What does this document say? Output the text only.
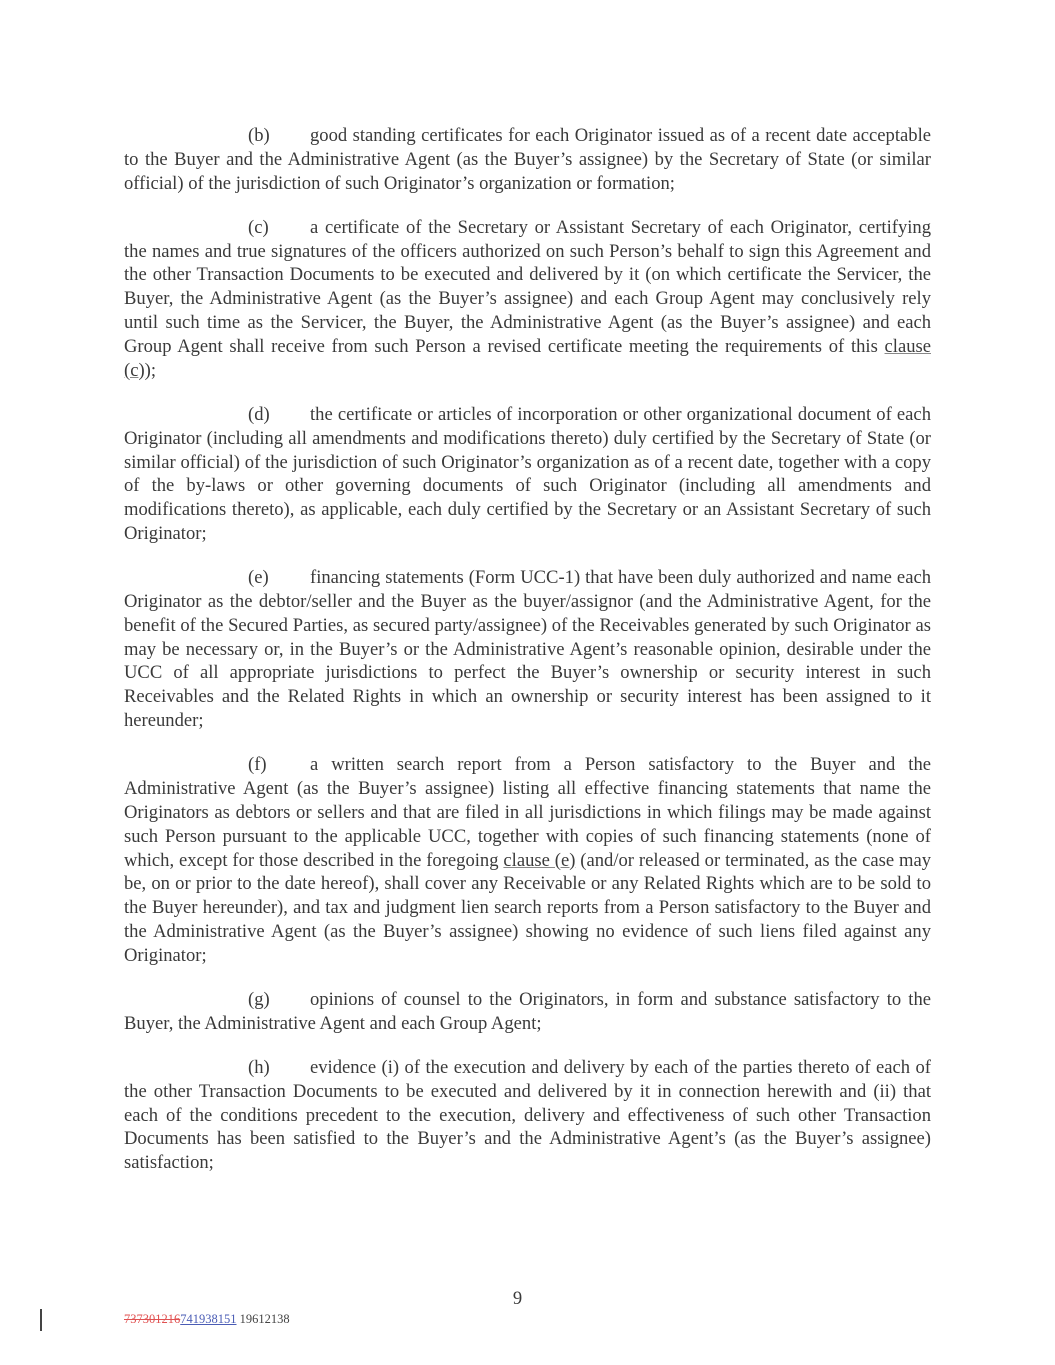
(b) good standing certificates for each Originator issued as of a recent date acceptable to the Buyer and the Administrative Agent (as the Buyer’s assignee) by the Secretary of State (or similar official) of the jurisdiction of such Originator’s organization or formation;

(c) a certificate of the Secretary or Assistant Secretary of each Originator, certifying the names and true signatures of the officers authorized on such Person’s behalf to sign this Agreement and the other Transaction Documents to be executed and delivered by it (on which certificate the Servicer, the Buyer, the Administrative Agent (as the Buyer’s assignee) and each Group Agent may conclusively rely until such time as the Servicer, the Buyer, the Administrative Agent (as the Buyer’s assignee) and each Group Agent shall receive from such Person a revised certificate meeting the requirements of this clause (c));

(d) the certificate or articles of incorporation or other organizational document of each Originator (including all amendments and modifications thereto) duly certified by the Secretary of State (or similar official) of the jurisdiction of such Originator’s organization as of a recent date, together with a copy of the by-laws or other governing documents of such Originator (including all amendments and modifications thereto), as applicable, each duly certified by the Secretary or an Assistant Secretary of such Originator;

(e) financing statements (Form UCC-1) that have been duly authorized and name each Originator as the debtor/seller and the Buyer as the buyer/assignor (and the Administrative Agent, for the benefit of the Secured Parties, as secured party/assignee) of the Receivables generated by such Originator as may be necessary or, in the Buyer’s or the Administrative Agent’s reasonable opinion, desirable under the UCC of all appropriate jurisdictions to perfect the Buyer’s ownership or security interest in such Receivables and the Related Rights in which an ownership or security interest has been assigned to it hereunder;

(f) a written search report from a Person satisfactory to the Buyer and the Administrative Agent (as the Buyer’s assignee) listing all effective financing statements that name the Originators as debtors or sellers and that are filed in all jurisdictions in which filings may be made against such Person pursuant to the applicable UCC, together with copies of such financing statements (none of which, except for those described in the foregoing clause (e) (and/or released or terminated, as the case may be, on or prior to the date hereof), shall cover any Receivable or any Related Rights which are to be sold to the Buyer hereunder), and tax and judgment lien search reports from a Person satisfactory to the Buyer and the Administrative Agent (as the Buyer’s assignee) showing no evidence of such liens filed against any Originator;

(g) opinions of counsel to the Originators, in form and substance satisfactory to the Buyer, the Administrative Agent and each Group Agent;

(h) evidence (i) of the execution and delivery by each of the parties thereto of each of the other Transaction Documents to be executed and delivered by it in connection herewith and (ii) that each of the conditions precedent to the execution, delivery and effectiveness of such other Transaction Documents has been satisfied to the Buyer’s and the Administrative Agent’s (as the Buyer’s assignee) satisfaction;

9
737301216741938151 19612138
